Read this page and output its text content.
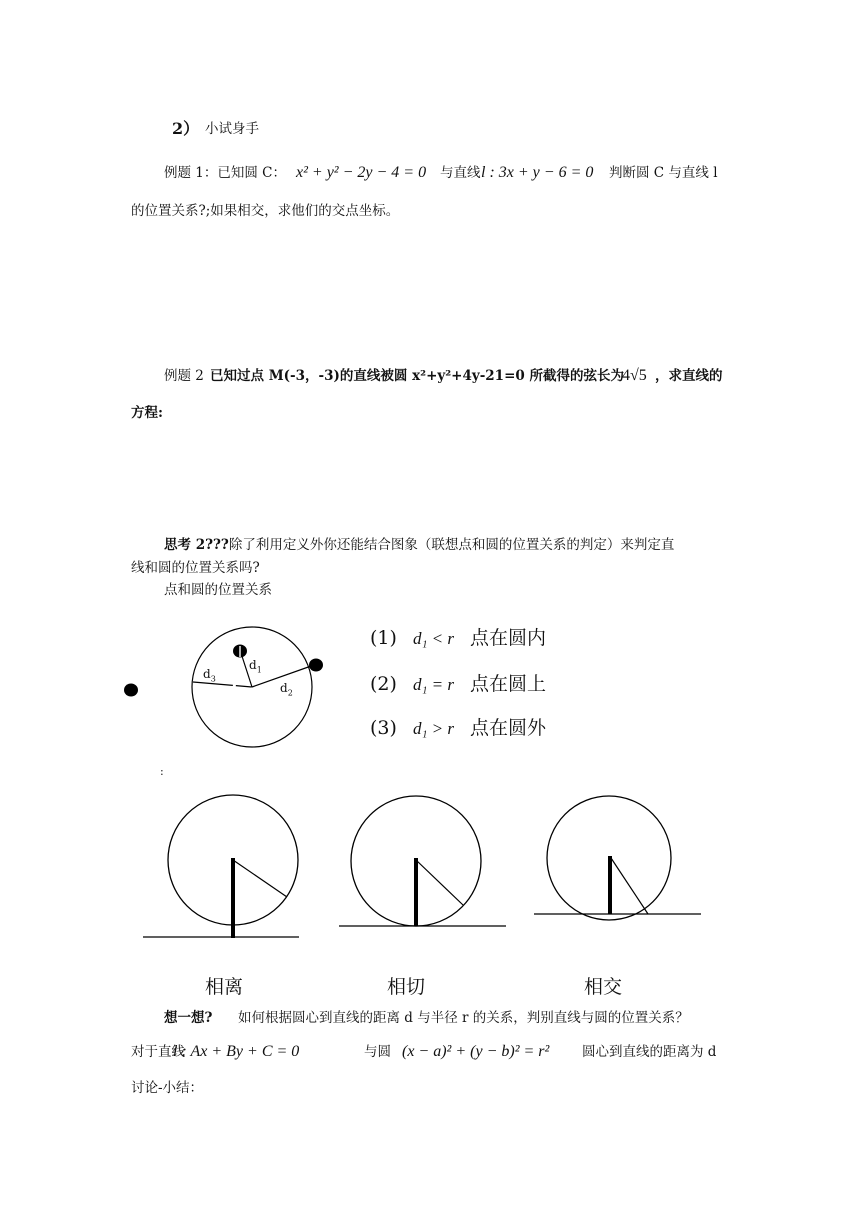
2） 小试身手
例题 1：已知圆 C： x² + y² − 2y − 4 = 0 与直线 l : 3x + y − 6 = 0 判断圆 C 与直线 l
的位置关系?;如果相交，求他们的交点坐标。
例题 2 已知过点 M(-3，-3)的直线被圆 x²+y²+4y-21=0 所截得的弦长为
4√5 ，求直线的
方程:
思考 2???除了利用定义外你还能结合图象（联想点和圆的位置关系的判定）来判定直
线和圆的位置关系吗?
点和圆的位置关系
$d_1$
$d_3$
$d_2$
(1) d₁ < r 点在圆内
(2) d₁ = r 点在圆上
(3) d₁ > r 点在圆外
:
相离	相切	相交
想一想? 如何根据圆心到直线的距离 d 与半径 r 的关系，判别直线与圆的位置关系？
对于直线
l : Ax + By + C = 0	与圆 (x − a)² + (y − b)² = r² 圆心到直线的距离为 d
讨论-小结：
